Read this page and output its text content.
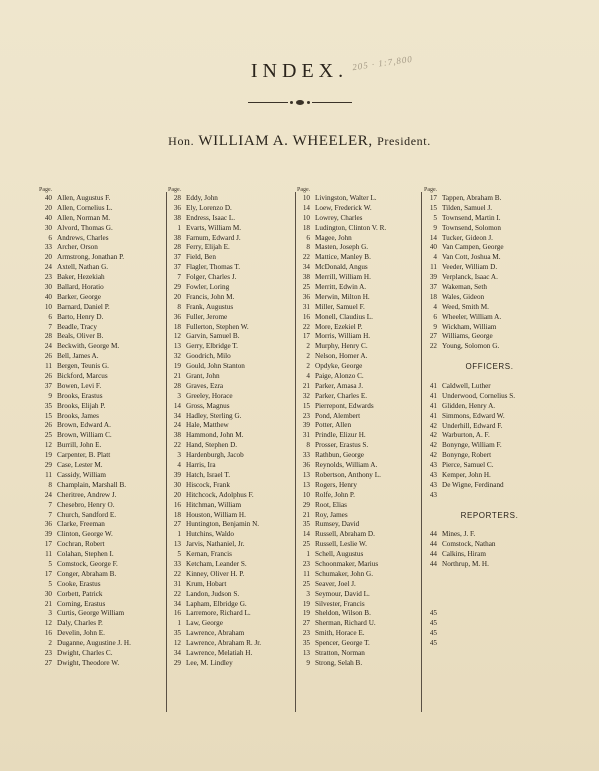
INDEX. 205 · 1:7,800
Hon. WILLIAM A. WHEELER, President.
Page.
40 Allen, Augustus F.
20 Allen, Cornelius L.
40 Allen, Norman M.
30 Alvord, Thomas G.
6 Andrews, Charles
33 Archer, Orson
20 Armstrong, Jonathan P.
24 Axtell, Nathan G.
23 Baker, Hezekiah
30 Ballard, Horatio
40 Barker, George
10 Barnard, Daniel P.
6 Barto, Henry D.
7 Beadle, Tracy
28 Beals, Oliver B.
24 Beckwith, George M.
26 Bell, James A.
11 Bergen, Teunis G.
26 Bickford, Marcus
37 Bowen, Levi F.
9 Brooks, Erastus
35 Brooks, Elijah P.
15 Brooks, James
26 Brown, Edward A.
25 Brown, William C.
12 Burrill, John E.
19 Carpenter, B. Platt
29 Case, Lester M.
11 Cassidy, William
8 Champlain, Marshall B.
24 Cheritree, Andrew J.
7 Chesebro, Henry O.
7 Church, Sandford E.
36 Clarke, Freeman
39 Clinton, George W.
17 Cochran, Robert
11 Colahan, Stephen I.
5 Comstock, George F.
17 Conger, Abraham B.
5 Cooke, Erastus
30 Corbett, Patrick
21 Corning, Erastus
3 Curtis, George William
12 Daly, Charles P.
16 Develin, John E.
2 Duganne, Augustine J. H.
23 Dwight, Charles C.
27 Dwight, Theodore W.
Page.
28 Eddy, John
36 Ely, Lorenzo D.
38 Endress, Isaac L.
1 Evarts, William M.
38 Farnum, Edward J.
28 Ferry, Elijah E.
37 Field, Ben
37 Flagler, Thomas T.
7 Folger, Charles J.
29 Fowler, Loring
20 Francis, John M.
8 Frank, Augustus
36 Fuller, Jerome
18 Fullerton, Stephen W.
12 Garvin, Samuel B.
13 Gerry, Elbridge T.
32 Goodrich, Milo
19 Gould, John Stanton
21 Grant, John
28 Graves, Ezra
3 Greeley, Horace
14 Gross, Magnus
34 Hadley, Sterling G.
24 Hale, Matthew
38 Hammond, John M.
22 Hand, Stephen D.
3 Hardenburgh, Jacob
4 Harris, Ira
39 Hatch, Israel T.
30 Hiscock, Frank
20 Hitchcock, Adolphus F.
16 Hitchman, William
18 Houston, William H.
27 Huntington, Benjamin N.
1 Hutchins, Waldo
13 Jarvis, Nathaniel, Jr.
5 Kernan, Francis
33 Ketcham, Leander S.
22 Kinney, Oliver H. P.
31 Krum, Hobart
22 Landon, Judson S.
34 Lapham, Elbridge G.
16 Larremore, Richard L.
1 Law, George
35 Lawrence, Abraham
12 Lawrence, Abraham R. Jr.
34 Lawrence, Melatiah H.
29 Lee, M. Lindley
Page.
10 Livingston, Walter L.
14 Loew, Frederick W.
10 Lowrey, Charles
18 Ludington, Clinton V. R.
6 Magee, John
8 Masten, Joseph G.
22 Mattice, Manley B.
34 McDonald, Angus
38 Merrill, William H.
25 Merritt, Edwin A.
36 Merwin, Milton H.
31 Miller, Samuel F.
16 Monell, Claudius L.
22 More, Ezekiel P.
17 Morris, William H.
2 Murphy, Henry C.
2 Nelson, Homer A.
2 Opdyke, George
4 Paige, Alonzo C.
21 Parker, Amasa J.
32 Parker, Charles E.
15 Pierrepont, Edwards
23 Pond, Alembert
39 Potter, Allen
31 Prindle, Elizur H.
8 Prosser, Erastus S.
33 Rathbun, George
36 Reynolds, William A.
13 Robertson, Anthony L.
13 Rogers, Henry
10 Rolfe, John P.
29 Root, Elias
21 Roy, James
35 Rumsey, David
14 Russell, Abraham D.
25 Russell, Leslie W.
1 Schell, Augustus
23 Schoonmaker, Marius
11 Schumaker, John G.
25 Seaver, Joel J.
3 Seymour, David L.
19 Silvester, Francis
19 Sheldon, Wilson B.
27 Sherman, Richard U.
23 Smith, Horace E.
35 Spencer, George T.
13 Stratton, Norman
9 Strong, Selah B.
Page.
17 Tappen, Abraham B.
15 Tilden, Samuel J.
5 Townsend, Martin I.
9 Townsend, Solomon
14 Tucker, Gideon J.
40 Van Campen, George
4 Van Cott, Joshua M.
11 Veeder, William D.
39 Verplanck, Isaac A.
37 Wakeman, Seth
18 Wales, Gideon
4 Weed, Smith M.
6 Wheeler, William A.
9 Wickham, William
27 Williams, George
22 Young, Solomon G.
OFFICERS.
41 Caldwell, Luther
41 Underwood, Cornelius S.
41 Glidden, Henry A.
41 Simmons, Edward W.
42 Underhill, Edward F.
42 Warburton, A. F.
42 Bonynge, William F.
42 Bonynge, Robert
43 Pierce, Samuel C.
43 Kemper, John H.
43 De Wigne, Ferdinand
43
REPORTERS.
44 Mines, J. F.
44 Comstock, Nathan
44 Calkins, Hiram
44 Northrup, M. H.
45
45
45
45
